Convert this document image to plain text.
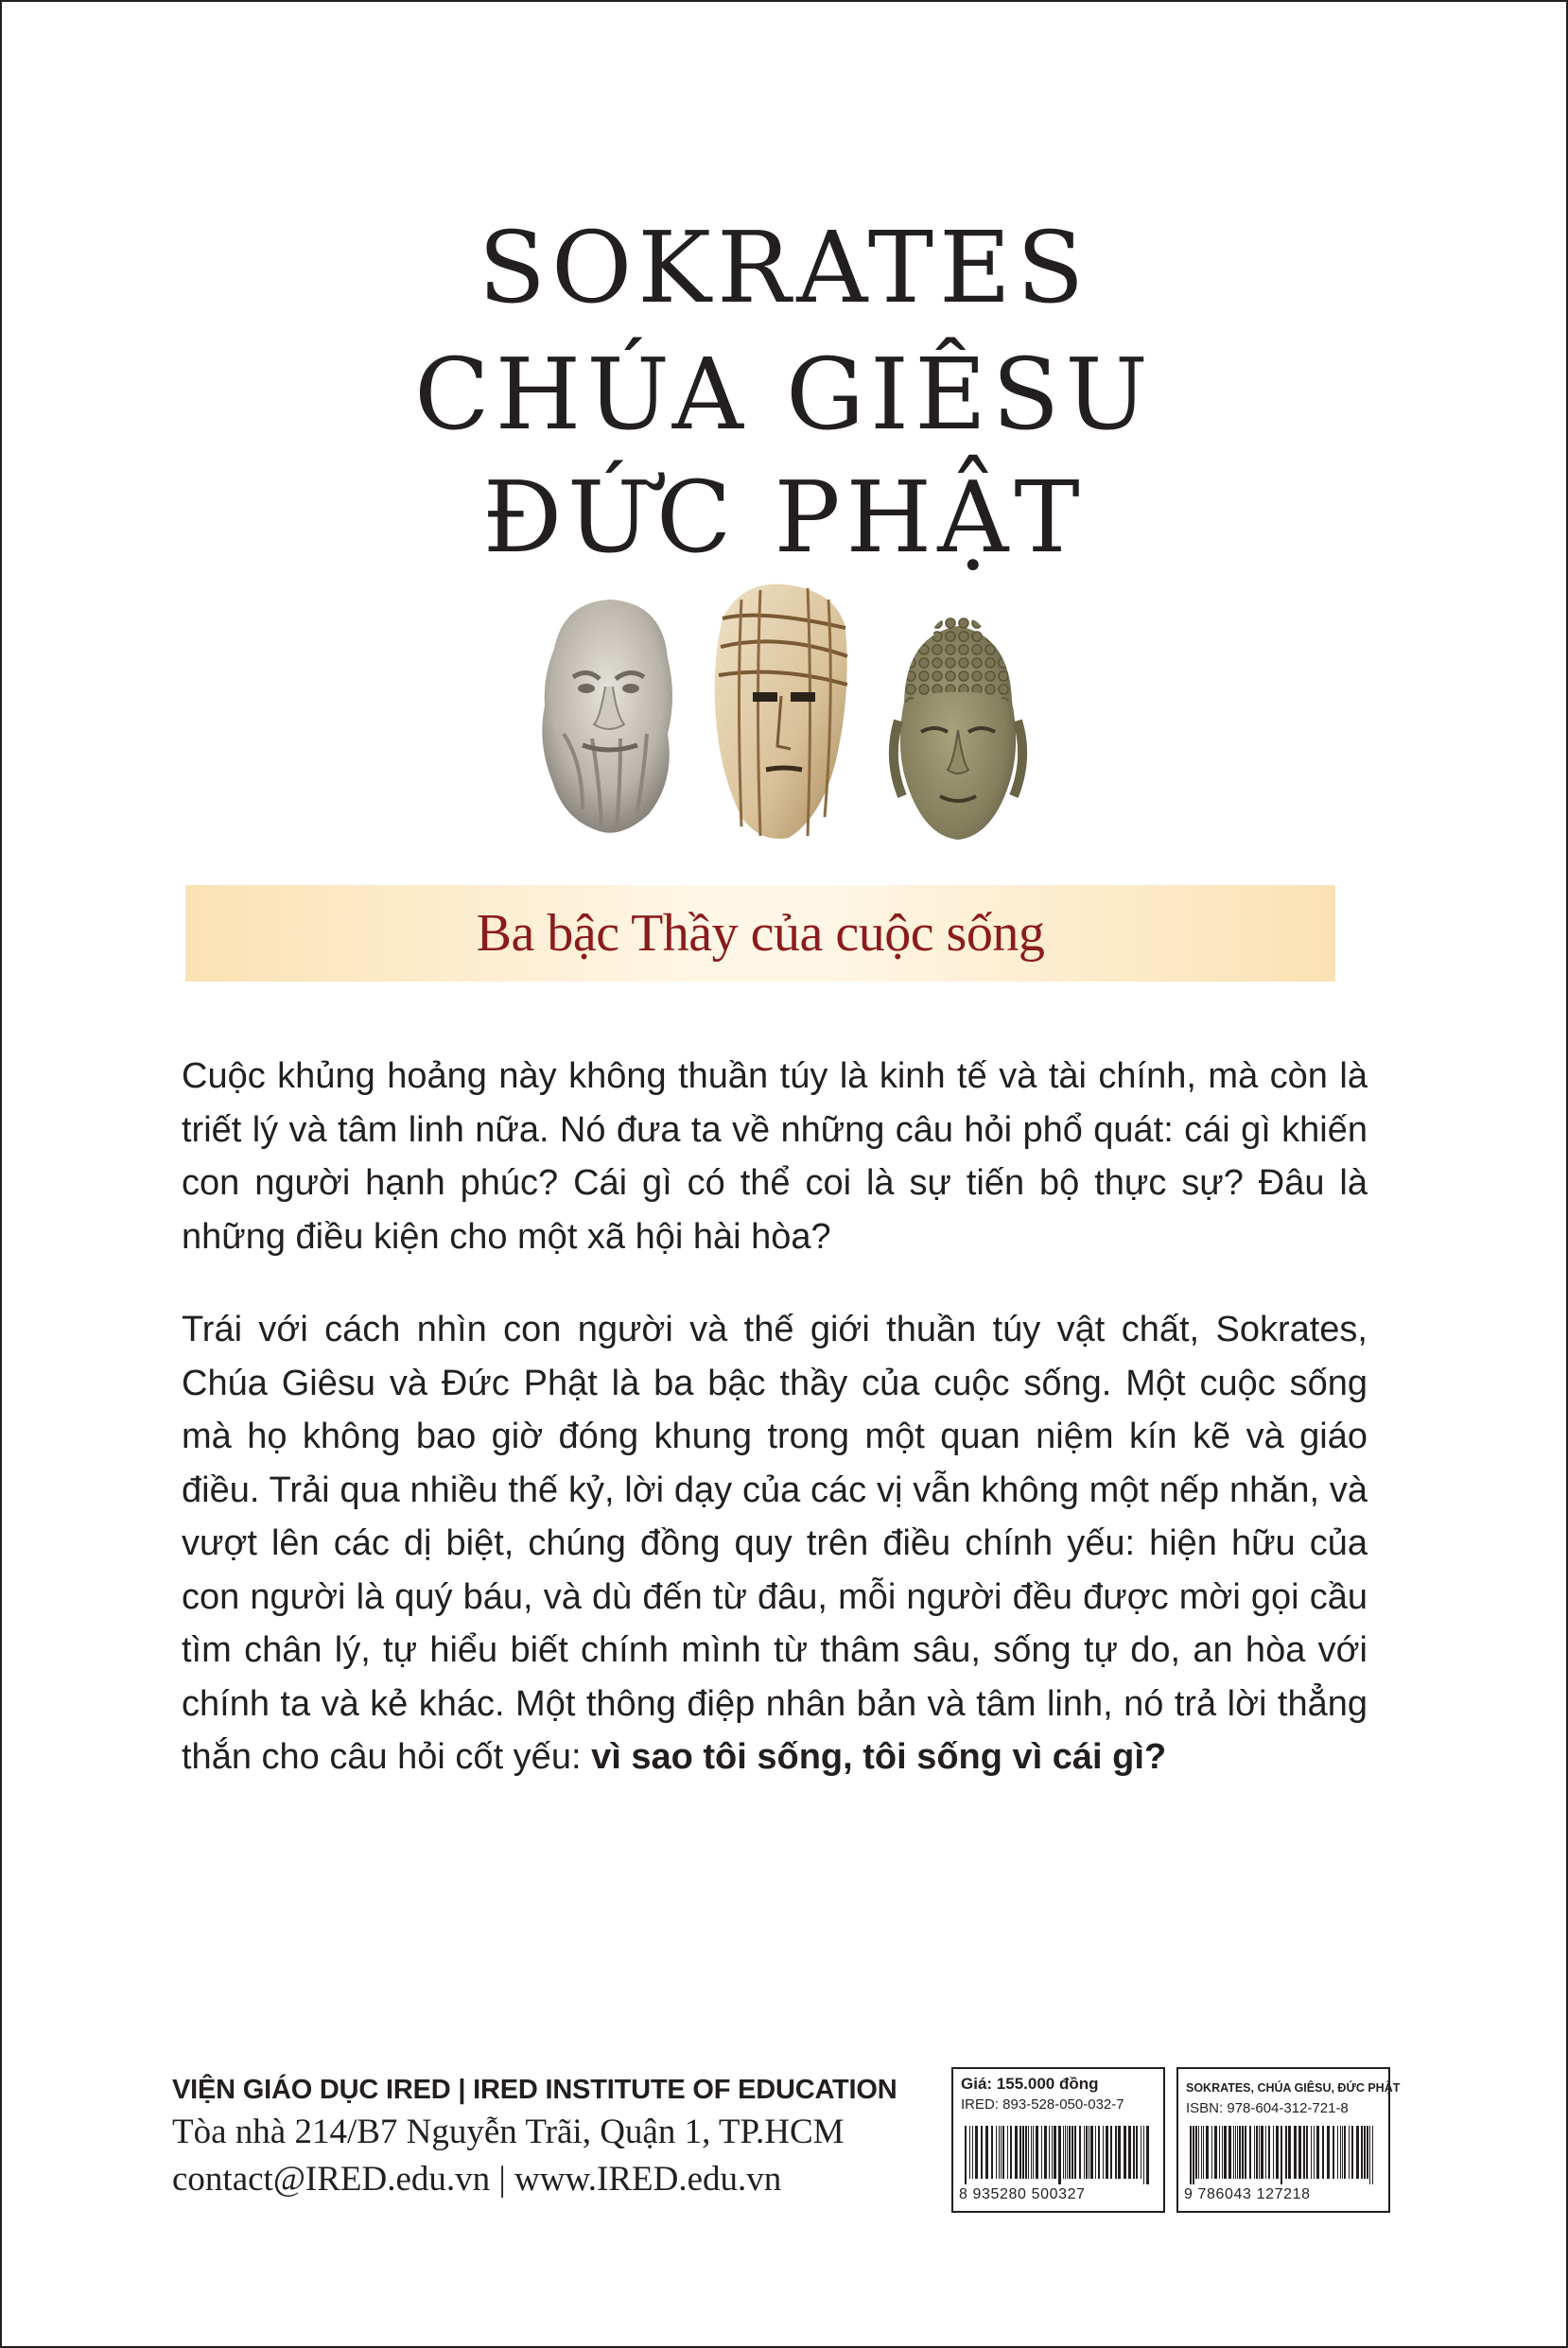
SOKRATES
CHÚA GIÊSU
ĐỨC PHẬT
Ba bậc Thầy của cuộc sống
Cuộc khủng hoảng này không thuần túy là kinh tế và tài chính, mà còn là triết lý và tâm linh nữa. Nó đưa ta về những câu hỏi phổ quát: cái gì khiến con người hạnh phúc? Cái gì có thể coi là sự tiến bộ thực sự? Đâu là những điều kiện cho một xã hội hài hòa?
Trái với cách nhìn con người và thế giới thuần túy vật chất, Sokrates, Chúa Giêsu và Đức Phật là ba bậc thầy của cuộc sống. Một cuộc sống mà họ không bao giờ đóng khung trong một quan niệm kín kẽ và giáo điều. Trải qua nhiều thế kỷ, lời dạy của các vị vẫn không một nếp nhăn, và vượt lên các dị biệt, chúng đồng quy trên điều chính yếu: hiện hữu của con người là quý báu, và dù đến từ đâu, mỗi người đều được mời gọi cầu tìm chân lý, tự hiểu biết chính mình từ thâm sâu, sống tự do, an hòa với chính ta và kẻ khác. Một thông điệp nhân bản và tâm linh, nó trả lời thẳng thắn cho câu hỏi cốt yếu: vì sao tôi sống, tôi sống vì cái gì?
VIỆN GIÁO DỤC IRED | IRED INSTITUTE OF EDUCATION
Tòa nhà 214/B7 Nguyễn Trãi, Quận 1, TP.HCM
contact@IRED.edu.vn | www.IRED.edu.vn
Giá: 155.000 đồng
IRED: 893-528-050-032-7
8 935280 500327
SOKRATES, CHÚA GIÊSU, ĐỨC PHẬT
ISBN: 978-604-312-721-8
9 786043 127218
